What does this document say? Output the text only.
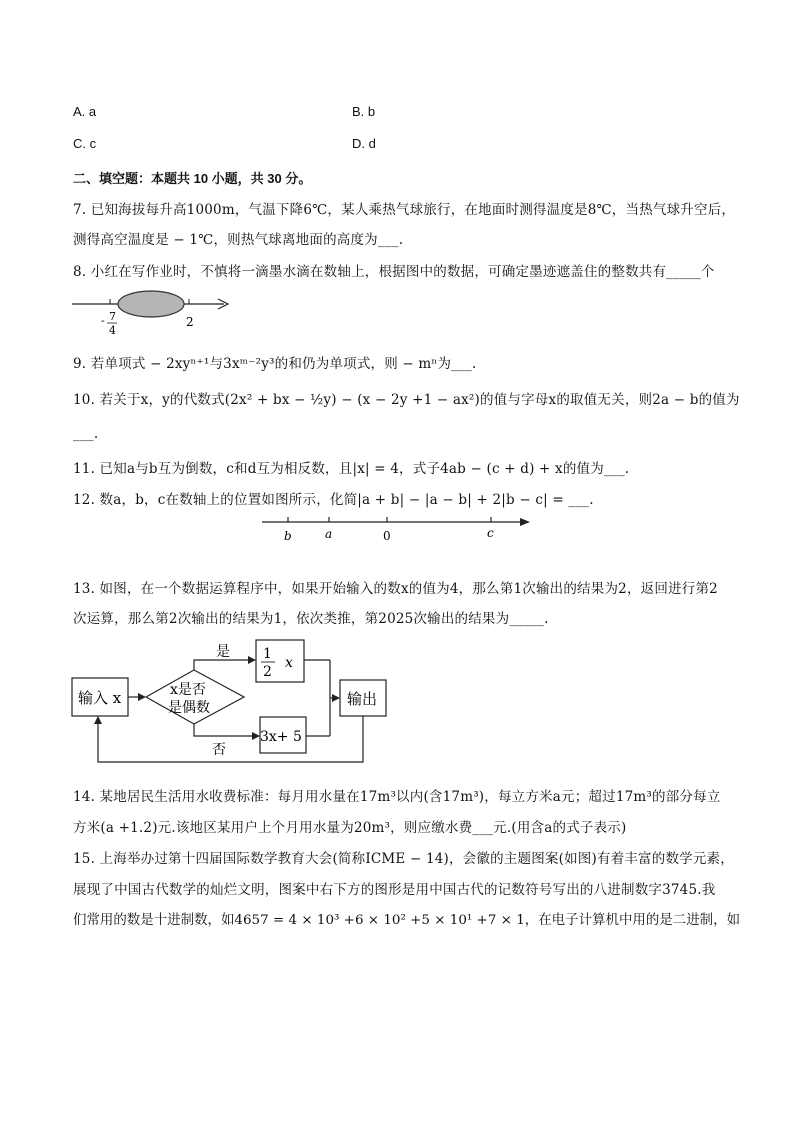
A. a	B. b
C. c	D. d
二、填空题：本题共 10 小题，共 30 分。
7. 已知海拔每升高1000m，气温下降6℃，某人乘热气球旅行，在地面时测得温度是8℃，当热气球升空后，
测得高空温度是 − 1℃，则热气球离地面的高度为___.
8. 小红在写作业时，不慎将一滴墨水滴在数轴上，根据图中的数据，可确定墨迹遮盖住的整数共有_____个
- 7
4
2
9. 若单项式 − 2xyⁿ⁺¹与3xᵐ⁻²y³的和仍为单项式，则 − mⁿ为___.
10. 若关于x，y的代数式(2x² + bx − ½y) − (x − 2y +1 − ax²)的值与字母x的取值无关，则2a − b的值为
___.
11. 已知a与b互为倒数，c和d互为相反数，且|x| = 4，式子4ab − (c + d) + x的值为___.
12. 数a，b，c在数轴上的位置如图所示，化简|a + b| − |a − b| + 2|b − c| = ___.
b	a	0	c
13. 如图，在一个数据运算程序中，如果开始输入的数x的值为4，那么第1次输出的结果为2，返回进行第2
次运算，那么第2次输出的结果为1，依次类推，第2025次输出的结果为_____.
输入 x	x是否
是偶数
是 1
2
x
否
3x+ 5
输出
14. 某地居民生活用水收费标准：每月用水量在17m³以内(含17m³)，每立方米a元；超过17m³的部分每立
方米(a +1.2)元.该地区某用户上个月用水量为20m³，则应缴水费___元.(用含a的式子表示)
15. 上海举办过第十四届国际数学教育大会(简称ICME − 14)，会徽的主题图案(如图)有着丰富的数学元素，
展现了中国古代数学的灿烂文明，图案中右下方的图形是用中国古代的记数符号写出的八进制数字3745.我
们常用的数是十进制数，如4657 = 4 × 10³ +6 × 10² +5 × 10¹ +7 × 1，在电子计算机中用的是二进制，如
